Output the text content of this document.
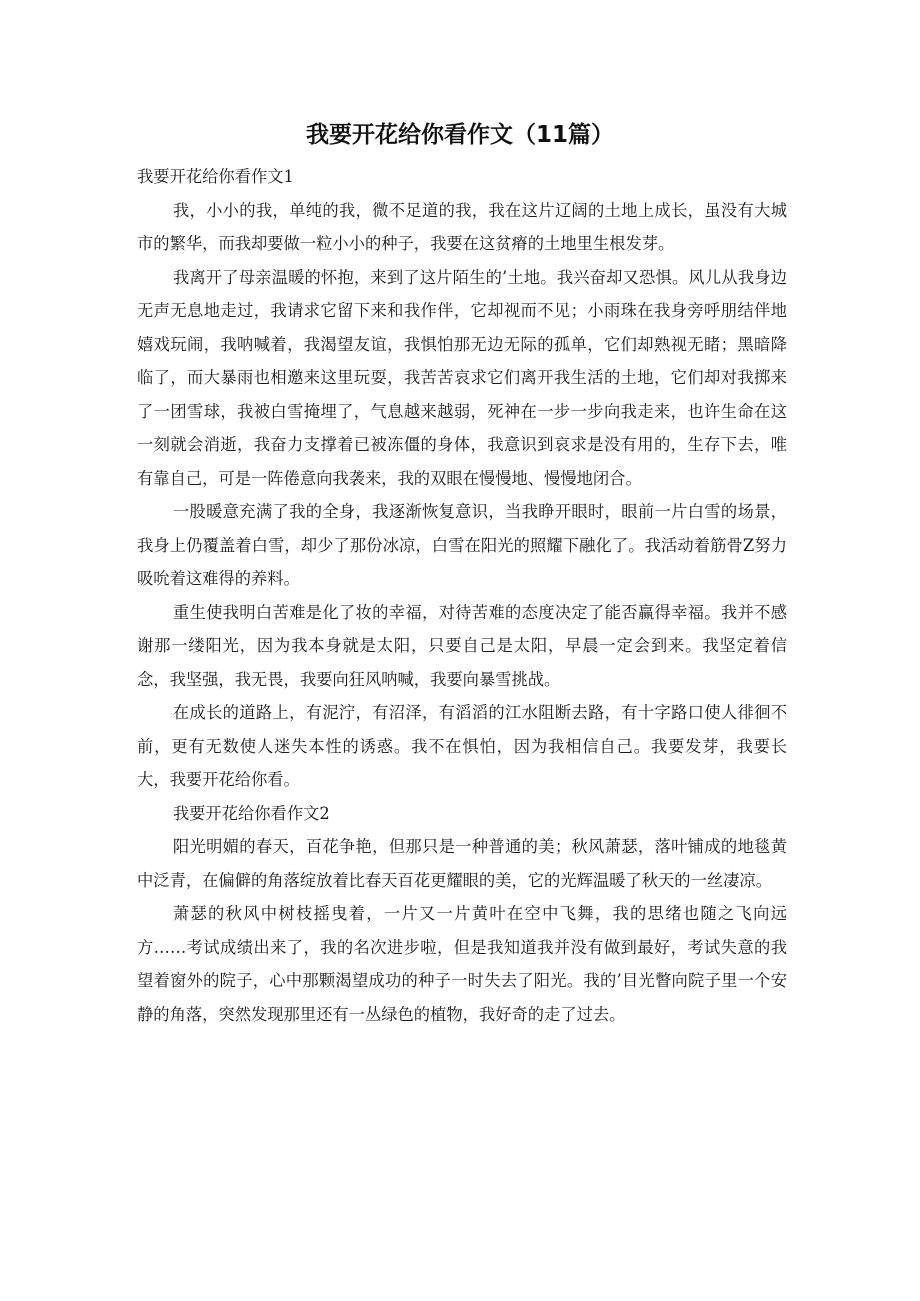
我要开花给你看作文（11篇）

我要开花给你看作文1

我，小小的我，单纯的我，微不足道的我，我在这片辽阔的土地上成长，虽没有大城市的繁华，而我却要做一粒小小的种子，我要在这贫瘠的土地里生根发芽。

我离开了母亲温暖的怀抱，来到了这片陌生的’土地。我兴奋却又恐惧。风儿从我身边无声无息地走过，我请求它留下来和我作伴，它却视而不见；小雨珠在我身旁呼朋结伴地嬉戏玩闹，我呐喊着，我渴望友谊，我惧怕那无边无际的孤单，它们却熟视无睹；黑暗降临了，而大暴雨也相邀来这里玩耍，我苦苦哀求它们离开我生活的土地，它们却对我掷来了一团雪球，我被白雪掩埋了，气息越来越弱，死神在一步一步向我走来，也许生命在这一刻就会消逝，我奋力支撑着已被冻僵的身体，我意识到哀求是没有用的，生存下去，唯有靠自己，可是一阵倦意向我袭来，我的双眼在慢慢地、慢慢地闭合。

一股暖意充满了我的全身，我逐渐恢复意识，当我睁开眼时，眼前一片白雪的场景，我身上仍覆盖着白雪，却少了那份冰凉，白雪在阳光的照耀下融化了。我活动着筋骨Z努力吸吮着这难得的养料。

重生使我明白苦难是化了妆的幸福，对待苦难的态度决定了能否赢得幸福。我并不感谢那一缕阳光，因为我本身就是太阳，只要自己是太阳，早晨一定会到来。我坚定着信念，我坚强，我无畏，我要向狂风呐喊，我要向暴雪挑战。

在成长的道路上，有泥泞，有沼泽，有滔滔的江水阻断去路，有十字路口使人徘徊不前，更有无数使人迷失本性的诱惑。我不在惧怕，因为我相信自己。我要发芽，我要长大，我要开花给你看。

我要开花给你看作文2

阳光明媚的春天，百花争艳，但那只是一种普通的美；秋风萧瑟，落叶铺成的地毯黄中泛青，在偏僻的角落绽放着比春天百花更耀眼的美，它的光辉温暖了秋天的一丝凄凉。

萧瑟的秋风中树枝摇曳着，一片又一片黄叶在空中飞舞，我的思绪也随之飞向远方……考试成绩出来了，我的名次进步啦，但是我知道我并没有做到最好，考试失意的我望着窗外的院子，心中那颗渴望成功的种子一时失去了阳光。我的’目光瞥向院子里一个安静的角落，突然发现那里还有一丛绿色的植物，我好奇的走了过去。
